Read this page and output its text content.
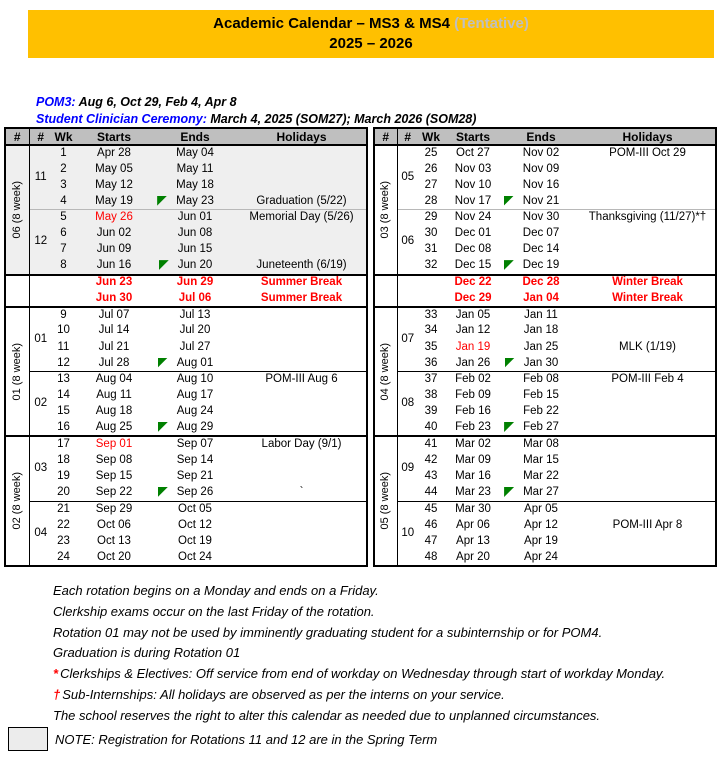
Academic Calendar – MS3 & MS4 (Tentative)
2025 – 2026
POM3: Aug 6, Oct 29, Feb 4, Apr 8
Student Clinician Ceremony: March 4, 2025 (SOM27); March 2026 (SOM28)
#	#	Wk	Starts	Ends	Holidays

06 (8 week)	11	1	Apr 28	May 04	
		2	May 05	May 11	
		3	May 12	May 18	
		4	May 19	May 23	Graduation (5/22)
	12	5	May 26	Jun 01	Memorial Day (5/26)
		6	Jun 02	Jun 08	
		7	Jun 09	Jun 15	
		8	Jun 16	Jun 20	Juneteenth (6/19)
			Jun 23	Jun 29	Summer Break
			Jun 30	Jul 06	Summer Break

01 (8 week)	01	9	Jul 07	Jul 13	
		10	Jul 14	Jul 20	
		11	Jul 21	Jul 27	
		12	Jul 28	Aug 01	
	02	13	Aug 04	Aug 10	POM-III Aug 6
		14	Aug 11	Aug 17	
		15	Aug 18	Aug 24	
		16	Aug 25	Aug 29	

02 (8 week)	03	17	Sep 01	Sep 07	Labor Day (9/1)
		18	Sep 08	Sep 14	
		19	Sep 15	Sep 21	
		20	Sep 22	Sep 26	`
	04	21	Sep 29	Oct 05	
		22	Oct 06	Oct 12	
		23	Oct 13	Oct 19	
		24	Oct 20	Oct 24	
#	#	Wk	Starts	Ends	Holidays

03 (8 week)	05	25	Oct 27	Nov 02	POM-III Oct 29
		26	Nov 03	Nov 09	
		27	Nov 10	Nov 16	
		28	Nov 17	Nov 21	
	06	29	Nov 24	Nov 30	Thanksgiving (11/27)*†
		30	Dec 01	Dec 07	
		31	Dec 08	Dec 14	
		32	Dec 15	Dec 19	
			Dec 22	Dec 28	Winter Break
			Dec 29	Jan 04	Winter Break

04 (8 week)	07	33	Jan 05	Jan 11	
		34	Jan 12	Jan 18	
		35	Jan 19	Jan 25	MLK (1/19)
		36	Jan 26	Jan 30	
	08	37	Feb 02	Feb 08	POM-III Feb 4
		38	Feb 09	Feb 15	
		39	Feb 16	Feb 22	
		40	Feb 23	Feb 27	

05 (8 week)	09	41	Mar 02	Mar 08	
		42	Mar 09	Mar 15	
		43	Mar 16	Mar 22	
		44	Mar 23	Mar 27	
	10	45	Mar 30	Apr 05	
		46	Apr 06	Apr 12	POM-III Apr 8
		47	Apr 13	Apr 19	
		48	Apr 20	Apr 24	
Each rotation begins on a Monday and ends on a Friday.
Clerkship exams occur on the last Friday of the rotation.
Rotation 01 may not be used by imminently graduating student for a subinternship or for POM4.
Graduation is during Rotation 01
* Clerkships & Electives: Off service from end of workday on Wednesday through start of workday Monday.
† Sub-Internships: All holidays are observed as per the interns on your service.
The school reserves the right to alter this calendar as needed due to unplanned circumstances.
NOTE: Registration for Rotations 11 and 12 are in the Spring Term
